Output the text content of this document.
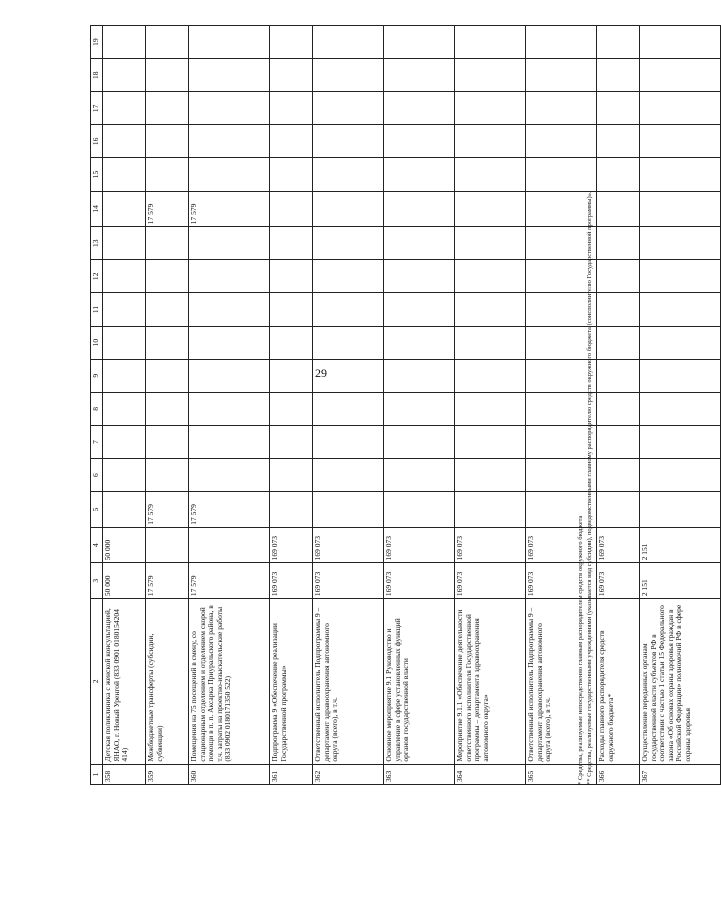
29
1	2	3	4	5	6	7	8	9	10	11	12	13	14	15	16	17	18	19
358	Детская поликлиника с женской консультацией, ЯНАО, г. Новый Уренгой (833 0901 0180154204 414)	50 000	50 000															
359	Межбюджетные трансферты (субсидии, субвенции)	17 579		17 579									17 579					
360	Помещения на 75 посещений в смену, со стационарным отделением и отделением скорой помощи в п. п. Аксарка Приуральского района, в т.ч. затраты на проектно-изыскательские работы (833 0902 0180171350 522)	17 579		17 579									17 579					
361	Подпрограмма 9 «Обеспечение реализации Государственной программы»	169 073	169 073															
362	Ответственный исполнитель Подпрограммы 9 – департамент здравоохранения автономного округа (всего), в т.ч.	169 073	169 073															
363	Основное мероприятие 9.1 Руководство и управление в сфере установленных функций органов государственной власти	169 073	169 073															
364	Мероприятие 9.1.1 «Обеспечение деятельности ответственного исполнителя Государственной программы – департамента здравоохранения автономного округа»	169 073	169 073															
365	Ответственный исполнитель Подпрограммы 9 – департамент здравоохранения автономного округа (всего), в т.ч.	169 073	169 073															
366	Расходы главного распорядителя средств окружного бюджета*	169 073	169 073															
367	Осуществление переданных органам государственной власти субъектов РФ в соответствии с частью 1 статьи 15 Федерального закона «Об основах охраны здоровья граждан в Российской Федерации» полномочий РФ в сфере охраны здоровья	2 151	2 151															
* Средства, реализуемые непосредственно главным распорядителем средств окружного бюджета ** Средства, реализуемые государственными учреждениями (указывается вид субсидии), подведомственными главному распорядителю средств окружного бюджета (соисполнителю Государственной программы)».
